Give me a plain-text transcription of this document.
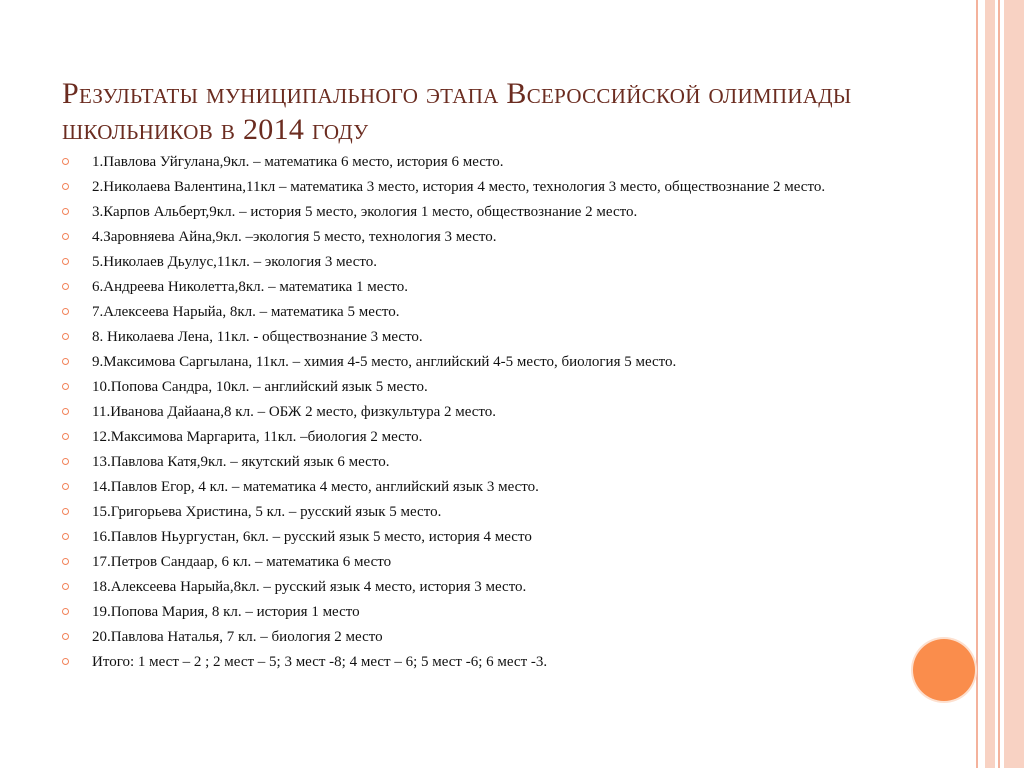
Результаты муниципального этапа Всероссийской олимпиады школьников в 2014 году
1.Павлова Уйгулана,9кл. – математика 6 место, история 6 место.
2.Николаева Валентина,11кл – математика 3 место, история 4 место, технология 3 место, обществознание 2 место.
3.Карпов Альберт,9кл. – история 5 место, экология 1 место, обществознание 2 место.
4.Заровняева Айна,9кл. –экология 5 место, технология 3 место.
5.Николаев Дьулус,11кл. – экология 3 место.
6.Андреева Николетта,8кл. – математика 1 место.
7.Алексеева Нарыйа, 8кл. – математика 5 место.
8. Николаева Лена, 11кл. - обществознание 3 место.
9.Максимова Саргылана, 11кл. – химия 4-5 место, английский 4-5 место, биология 5 место.
10.Попова Сандра, 10кл. – английский язык 5 место.
11.Иванова Дайаана,8 кл. – ОБЖ 2 место, физкультура 2 место.
12.Максимова Маргарита, 11кл. –биология 2 место.
13.Павлова Катя,9кл. – якутский язык 6 место.
14.Павлов Егор, 4 кл. – математика 4 место, английский язык 3 место.
15.Григорьева Христина, 5 кл. – русский язык 5 место.
16.Павлов Ньургустан, 6кл. – русский язык 5 место, история 4 место
17.Петров Сандаар, 6 кл. – математика 6 место
18.Алексеева Нарыйа,8кл. – русский язык 4 место, история 3 место.
19.Попова Мария, 8 кл. – история 1 место
20.Павлова Наталья, 7 кл. – биология 2 место
Итого: 1 мест – 2 ; 2 мест – 5; 3 мест -8; 4 мест – 6; 5 мест -6; 6 мест -3.
